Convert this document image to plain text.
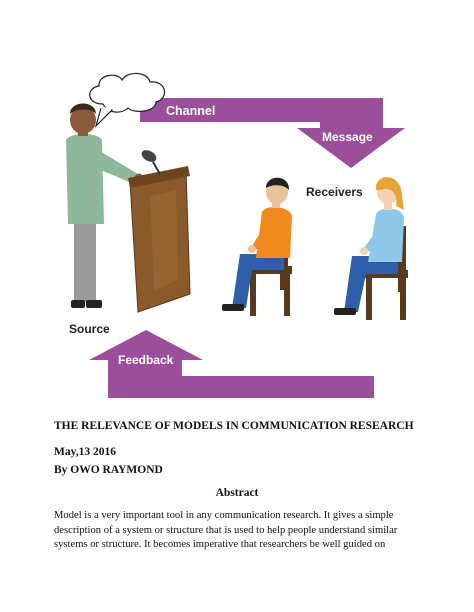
Channel
Message
Feedback
Source
Receivers
THE RELEVANCE OF MODELS IN COMMUNICATION RESEARCH
May,13 2016
By OWO RAYMOND
Abstract
Model is a very important tool in any communication research. It gives a simple
description of a system or structure that is used to help people understand similar
systems or structure. It becomes imperative that researchers be well guided on
